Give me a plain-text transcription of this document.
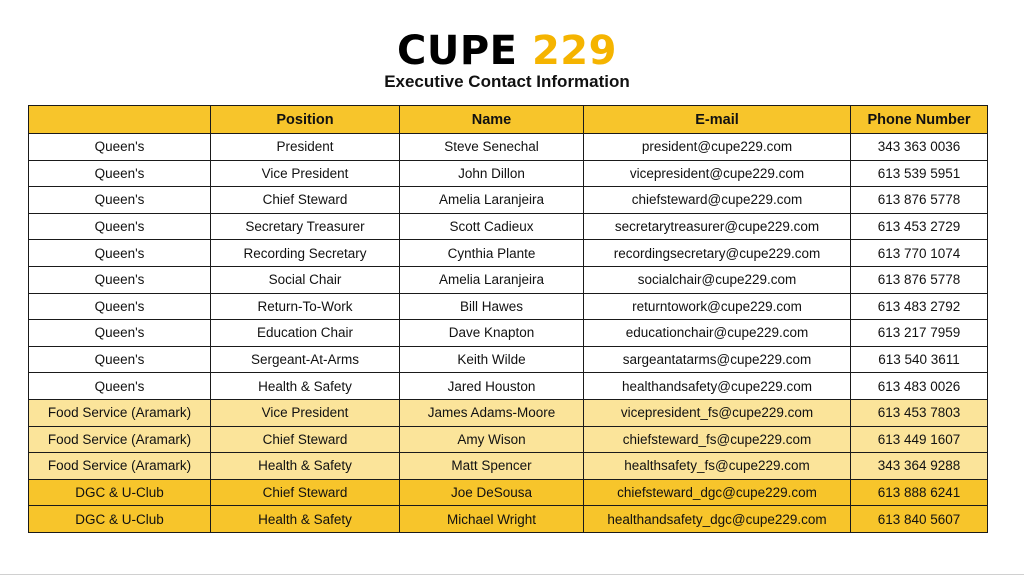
CUPE 229
Executive Contact Information
	Position	Name	E-mail	Phone Number
Queen's	President	Steve Senechal	president@cupe229.com	343 363 0036
Queen's	Vice President	John Dillon	vicepresident@cupe229.com	613 539 5951
Queen's	Chief Steward	Amelia Laranjeira	chiefsteward@cupe229.com	613 876 5778
Queen's	Secretary Treasurer	Scott Cadieux	secretarytreasurer@cupe229.com	613 453 2729
Queen's	Recording Secretary	Cynthia Plante	recordingsecretary@cupe229.com	613 770 1074
Queen's	Social Chair	Amelia Laranjeira	socialchair@cupe229.com	613 876 5778
Queen's	Return-To-Work	Bill Hawes	returntowork@cupe229.com	613 483 2792
Queen's	Education Chair	Dave Knapton	educationchair@cupe229.com	613 217 7959
Queen's	Sergeant-At-Arms	Keith Wilde	sargeantatarms@cupe229.com	613 540 3611
Queen's	Health & Safety	Jared Houston	healthandsafety@cupe229.com	613 483 0026
Food Service (Aramark)	Vice President	James Adams-Moore	vicepresident_fs@cupe229.com	613 453 7803
Food Service (Aramark)	Chief Steward	Amy Wison	chiefsteward_fs@cupe229.com	613 449 1607
Food Service (Aramark)	Health & Safety	Matt Spencer	healthsafety_fs@cupe229.com	343 364 9288
DGC & U-Club	Chief Steward	Joe DeSousa	chiefsteward_dgc@cupe229.com	613 888 6241
DGC & U-Club	Health & Safety	Michael Wright	healthandsafety_dgc@cupe229.com	613 840 5607
